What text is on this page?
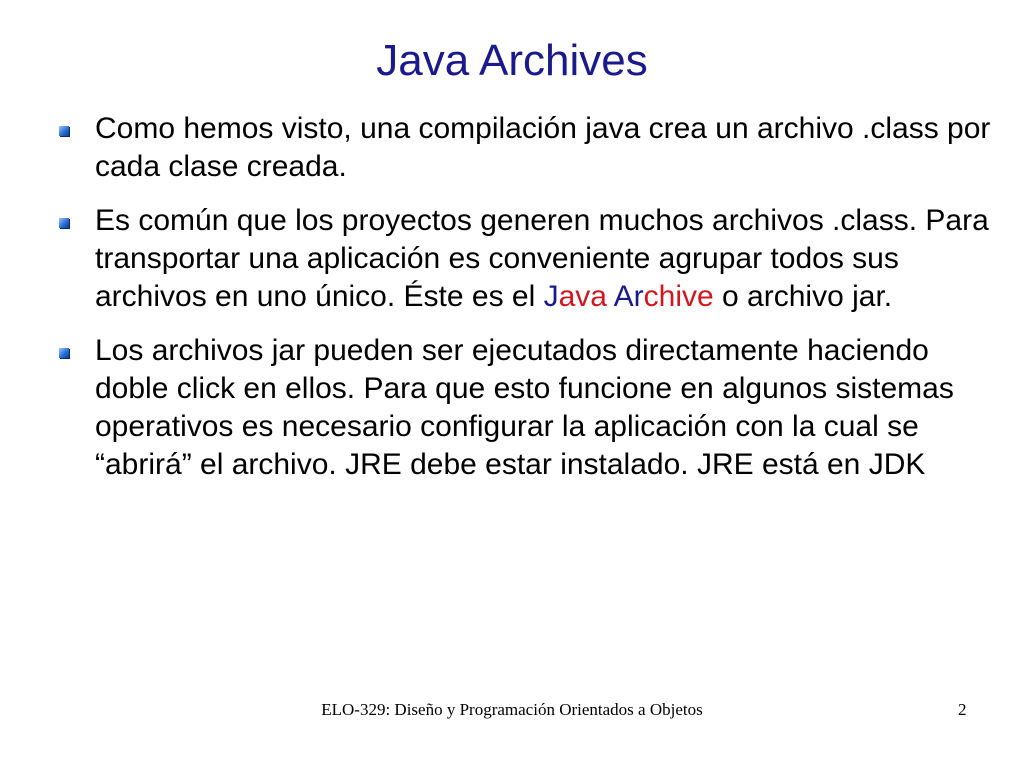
Java Archives
Como hemos visto, una compilación java crea un archivo .class por cada clase creada.
Es común que los proyectos generen muchos archivos .class. Para transportar una aplicación es conveniente agrupar todos sus archivos en uno único. Éste es el Java Archive o archivo jar.
Los archivos jar pueden ser ejecutados directamente haciendo doble click en ellos. Para que esto funcione en algunos sistemas operativos es necesario configurar la aplicación con la cual se “abrirá” el archivo. JRE debe estar instalado. JRE está en JDK
ELO-329: Diseño y Programación Orientados a Objetos	2
